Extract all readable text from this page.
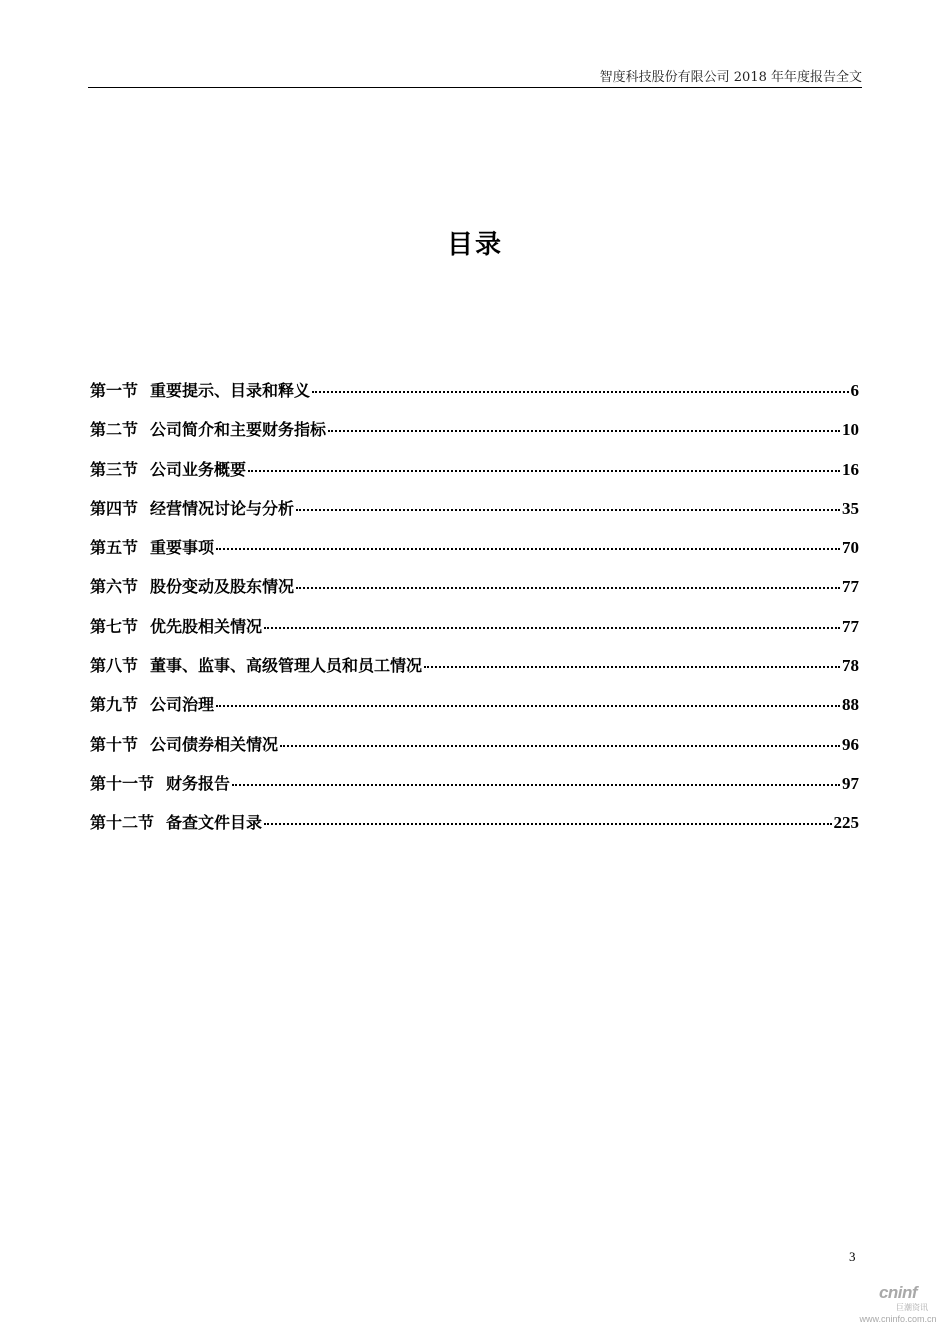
智度科技股份有限公司 2018 年年度报告全文
目录
第一节 重要提示、目录和释义	6
第二节 公司简介和主要财务指标	10
第三节 公司业务概要	16
第四节 经营情况讨论与分析	35
第五节 重要事项	70
第六节 股份变动及股东情况	77
第七节 优先股相关情况	77
第八节 董事、监事、高级管理人员和员工情况	78
第九节 公司治理	88
第十节 公司债券相关情况	96
第十一节 财务报告	97
第十二节 备查文件目录	225
3
cninf
巨潮资讯
www.cninfo.com.cn
